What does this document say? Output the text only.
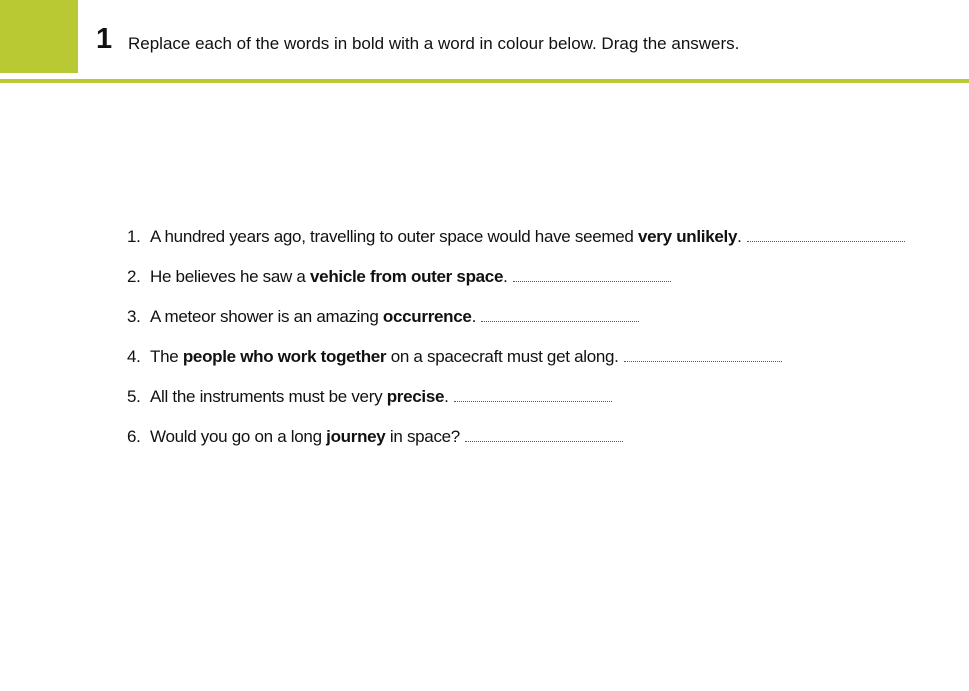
1 Replace each of the words in bold with a word in colour below. Drag the answers.
1. A hundred years ago, travelling to outer space would have seemed very unlikely.
2. He believes he saw a vehicle from outer space.
3. A meteor shower is an amazing occurrence.
4. The people who work together on a spacecraft must get along.
5. All the instruments must be very precise.
6. Would you go on a long journey in space?
